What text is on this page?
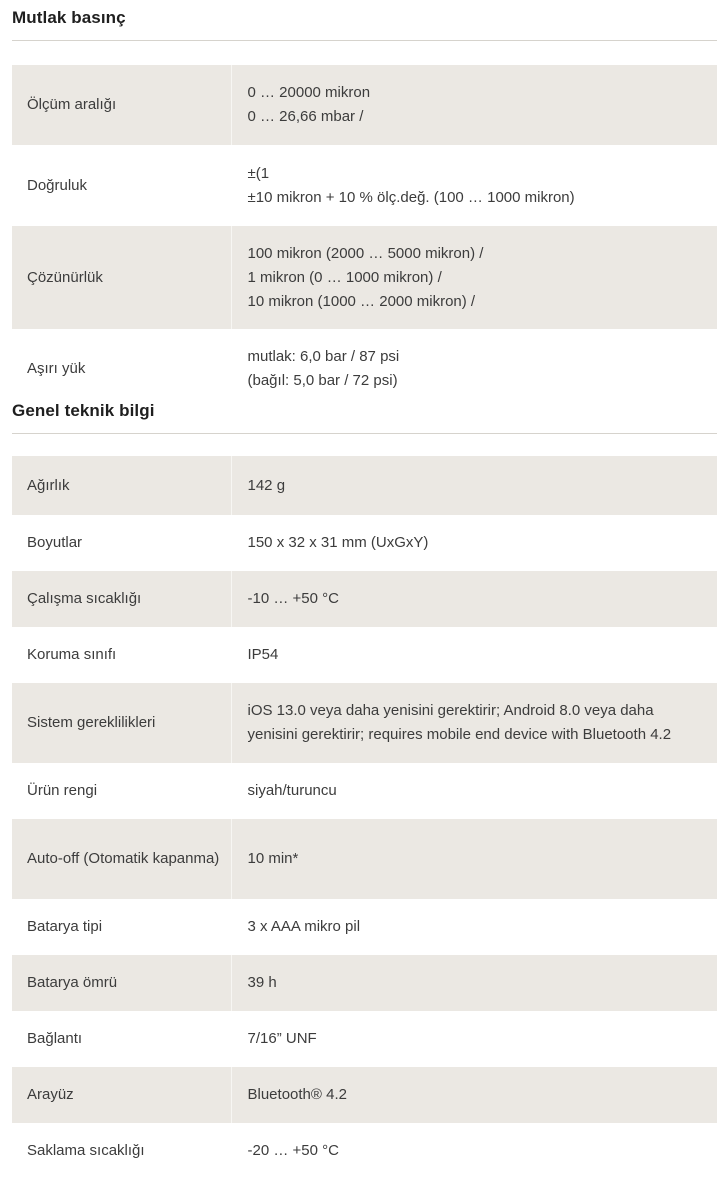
Mutlak basınç
Ölçüm aralığı	0 … 20000 mikron
0 … 26,66 mbar /

Doğruluk	±(1
±10 mikron + 10 % ölç.değ. (100 … 1000 mikron)

Çözünürlük	100 mikron (2000 … 5000 mikron) /
1 mikron (0 … 1000 mikron) /
10 mikron (1000 … 2000 mikron) /

Aşırı yük	mutlak: 6,0 bar / 87 psi
(bağıl: 5,0 bar / 72 psi)
Genel teknik bilgi
Ağırlık	142 g

Boyutlar	150 x 32 x 31 mm (UxGxY)

Çalışma sıcaklığı	-10 … +50 °C

Koruma sınıfı	IP54

Sistem gereklilikleri	iOS 13.0 veya daha yenisini gerektirir; Android 8.0 veya daha
yenisini gerektirir; requires mobile end device with Bluetooth 4.2

Ürün rengi	siyah/turuncu

Auto-off (Otomatik kapanma)	10 min*

Batarya tipi	3 x AAA mikro pil

Batarya ömrü	39 h

Bağlantı	7/16” UNF

Arayüz	Bluetooth® 4.2

Saklama sıcaklığı	-20 … +50 °C
